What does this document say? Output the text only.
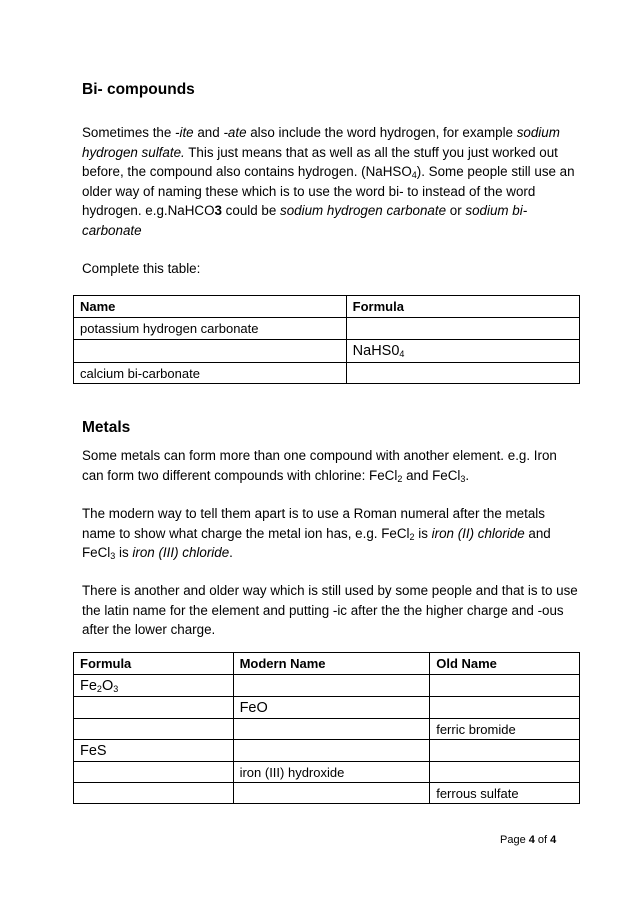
Bi- compounds

Sometimes the -ite and -ate also include the word hydrogen, for example sodium hydrogen sulfate. This just means that as well as all the stuff you just worked out before, the compound also contains hydrogen. (NaHSO$_4$). Some people still use an older way of naming these which is to use the word bi- to instead of the word hydrogen. e.g.NaHCO3 could be sodium hydrogen carbonate or sodium bi-carbonate

Complete this table:

Name	Formula
potassium hydrogen carbonate	
	$NaHS0_4$
calcium bi-carbonate	
Metals

Some metals can form more than one compound with another element. e.g. Iron can form two different compounds with chlorine: FeCl$_2$ and FeCl$_3$.

The modern way to tell them apart is to use a Roman numeral after the metals name to show what charge the metal ion has, e.g. FeCl$_2$ is iron (II) chloride and FeCl$_3$ is iron (III) chloride.

There is another and older way which is still used by some people and that is to use the latin name for the element and putting -ic after the the higher charge and -ous after the lower charge.

Formula	Modern Name	Old Name
$Fe_2O_3$		
	FeO	
		ferric bromide
FeS		
	iron (III) hydroxide	
		ferrous sulfate
Page 4 of 4
